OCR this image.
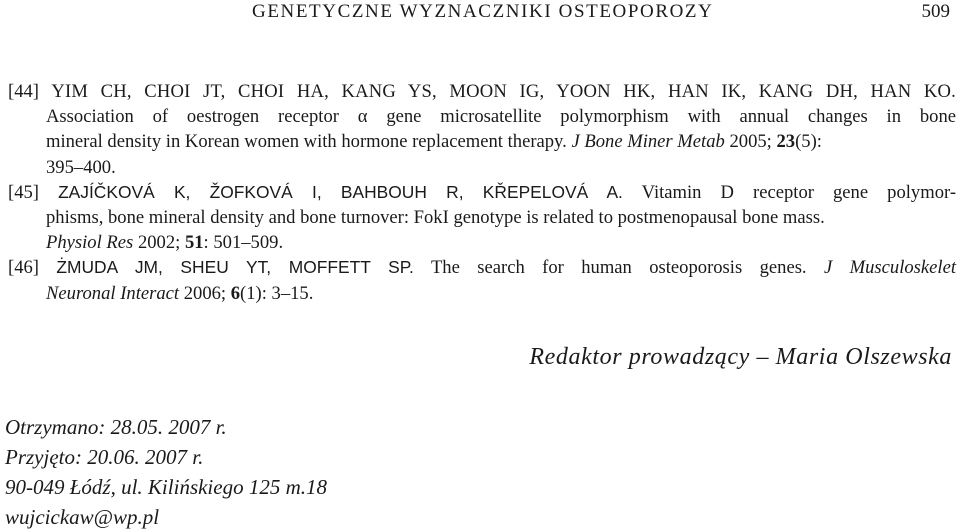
GENETYCZNE WYZNACZNIKI OSTEOPOROZY	509
[44] YIM CH, CHOI JT, CHOI HA, KANG YS, MOON IG, YOON HK, HAN IK, KANG DH, HAN KO.
Association of oestrogen receptor α gene microsatellite polymorphism with annual changes in bone
mineral density in Korean women with hormone replacement therapy. J Bone Miner Metab 2005; 23(5):
395–400.
[45] ZAJÍČKOVÁ K, ŽOFKOVÁ I, BAHBOUH R, KŘEPELOVÁ A. Vitamin D receptor gene polymor-
phisms, bone mineral density and bone turnover: FokI genotype is related to postmenopausal bone mass.
Physiol Res 2002; 51: 501–509.
[46] ŻMUDA JM, SHEU YT, MOFFETT SP. The search for human osteoporosis genes. J Musculoskelet
Neuronal Interact 2006; 6(1): 3–15.
Redaktor prowadzący – Maria Olszewska
Otrzymano: 28.05. 2007 r.
Przyjęto: 20.06. 2007 r.
90-049 Łódź, ul. Kilińskiego 125 m.18
wujcickaw@wp.pl
